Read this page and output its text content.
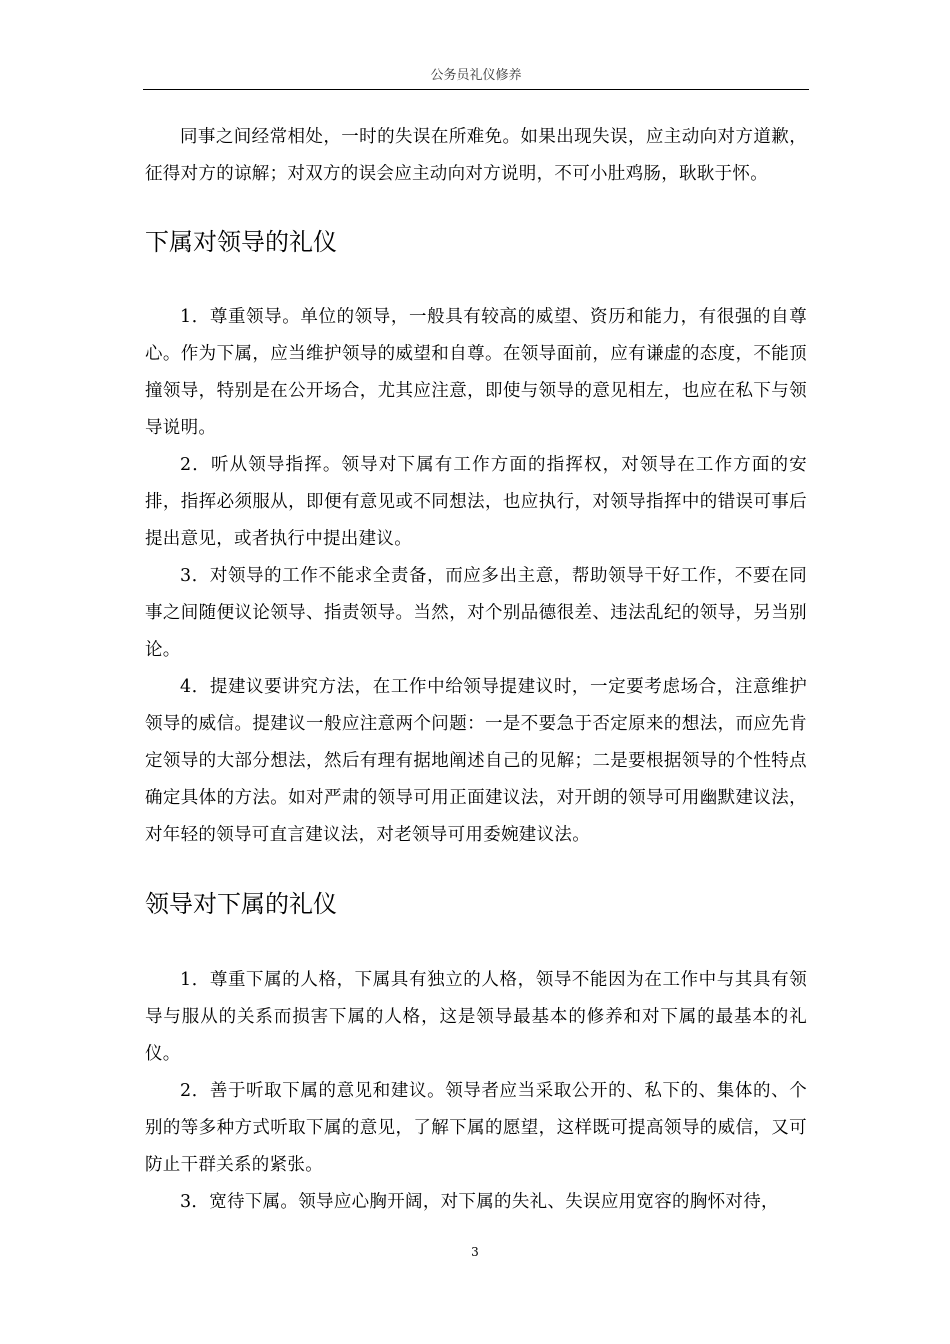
公务员礼仪修养

同事之间经常相处，一时的失误在所难免。如果出现失误，应主动向对方道歉，征得对方的谅解；对双方的误会应主动向对方说明，不可小肚鸡肠，耿耿于怀。

下属对领导的礼仪

1．尊重领导。单位的领导，一般具有较高的威望、资历和能力，有很强的自尊心。作为下属，应当维护领导的威望和自尊。在领导面前，应有谦虚的态度，不能顶撞领导，特别是在公开场合，尤其应注意，即使与领导的意见相左，也应在私下与领导说明。

2．听从领导指挥。领导对下属有工作方面的指挥权，对领导在工作方面的安排，指挥必须服从，即便有意见或不同想法，也应执行，对领导指挥中的错误可事后提出意见，或者执行中提出建议。

3．对领导的工作不能求全责备，而应多出主意，帮助领导干好工作，不要在同事之间随便议论领导、指责领导。当然，对个别品德很差、违法乱纪的领导，另当别论。

4．提建议要讲究方法，在工作中给领导提建议时，一定要考虑场合，注意维护领导的威信。提建议一般应注意两个问题：一是不要急于否定原来的想法，而应先肯定领导的大部分想法，然后有理有据地阐述自己的见解；二是要根据领导的个性特点确定具体的方法。如对严肃的领导可用正面建议法，对开朗的领导可用幽默建议法，对年轻的领导可直言建议法，对老领导可用委婉建议法。

领导对下属的礼仪

1．尊重下属的人格，下属具有独立的人格，领导不能因为在工作中与其具有领导与服从的关系而损害下属的人格，这是领导最基本的修养和对下属的最基本的礼仪。

2．善于听取下属的意见和建议。领导者应当采取公开的、私下的、集体的、个别的等多种方式听取下属的意见，了解下属的愿望，这样既可提高领导的威信，又可防止干群关系的紧张。

3．宽待下属。领导应心胸开阔，对下属的失礼、失误应用宽容的胸怀对待，

3
